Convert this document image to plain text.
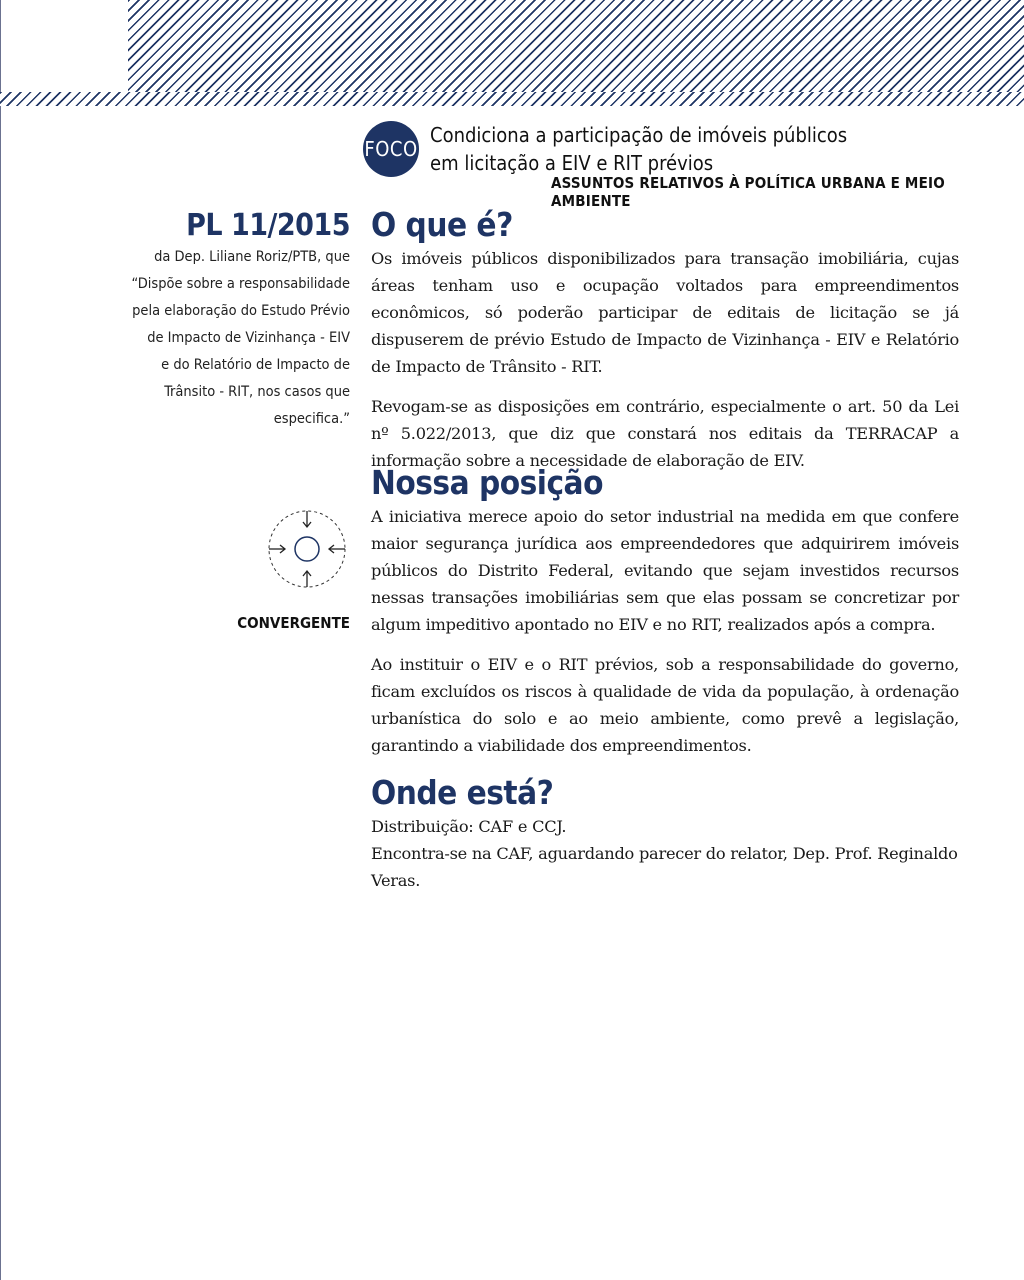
FOCO
Condiciona a participação de imóveis públicos
em licitação a EIV e RIT prévios
ASSUNTOS RELATIVOS À POLÍTICA URBANA E MEIO AMBIENTE
PL 11/2015
da Dep. Liliane Roriz/PTB, que
“Dispõe sobre a responsabilidade
pela elaboração do Estudo Prévio
de Impacto de Vizinhança - EIV
e do Relatório de Impacto de
Trânsito - RIT, nos casos que
especifica.”
CONVERGENTE
O que é?

Os imóveis públicos disponibilizados para transação imobiliária, cujas áreas tenham uso e ocupação voltados para empreendimentos econômicos, só poderão participar de editais de licitação se já dispuserem de prévio Estudo de Impacto de Vizinhança - EIV e Relatório de Impacto de Trânsito - RIT.

Revogam-se as disposições em contrário, especialmente o art. 50 da Lei nº 5.022/2013, que diz que constará nos editais da TERRACAP a informação sobre a necessidade de elaboração de EIV.

Nossa posição

A iniciativa merece apoio do setor industrial na medida em que confere maior segurança jurídica aos empreendedores que adquirirem imóveis públicos do Distrito Federal, evitando que sejam investidos recursos nessas transações imobiliárias sem que elas possam se concretizar por algum impeditivo apontado no EIV e no RIT, realizados após a compra.

Ao instituir o EIV e o RIT prévios, sob a responsabilidade do governo, ficam excluídos os riscos à qualidade de vida da população, à ordenação urbanística do solo e ao meio ambiente, como prevê a legislação, garantindo a viabilidade dos empreendimentos.

Onde está?

Distribuição: CAF e CCJ.

Encontra-se na CAF, aguardando parecer do relator, Dep. Prof. Reginaldo Veras.
